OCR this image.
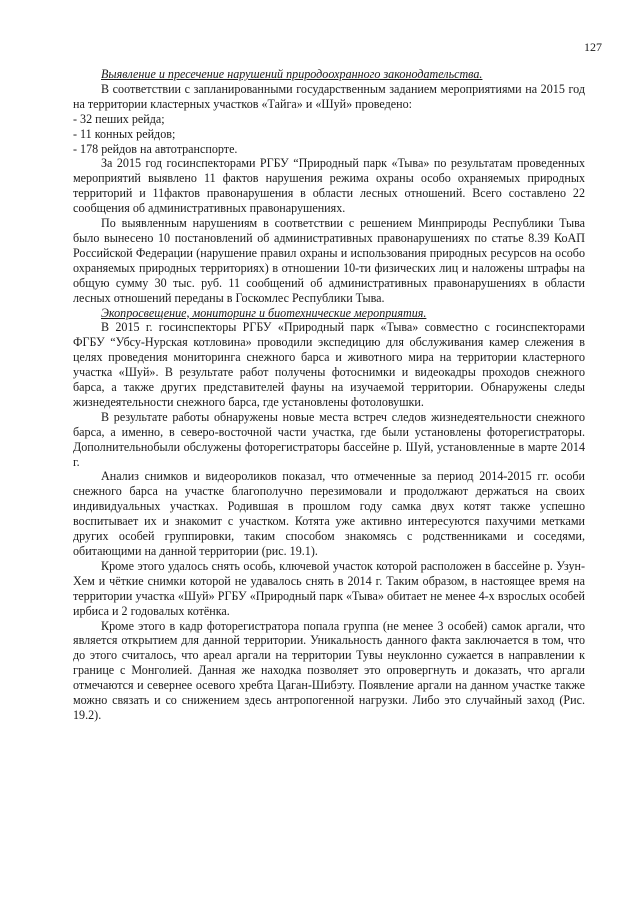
127
Выявление и пресечение нарушений природоохранного законодательства.

В соответствии с запланированными государственным заданием мероприятиями на 2015 год на территории кластерных участков «Тайга» и «Шуй» проведено:

- 32 пеших рейда;
- 11 конных рейдов;
- 178 рейдов на автотранспорте.

За 2015 год госинспекторами РГБУ “Природный парк «Тыва» по результатам проведенных мероприятий выявлено 11 фактов нарушения режима охраны особо охраняемых природных территорий и 11фактов правонарушения в области лесных отношений. Всего составлено 22 сообщения об административных правонарушениях.

По выявленным нарушениям в соответствии с решением Минприроды Республики Тыва было вынесено 10 постановлений об административных правонарушениях по статье 8.39 КоАП Российской Федерации (нарушение правил охраны и использования природных ресурсов на особо охраняемых природных территориях) в отношении 10-ти физических лиц и наложены штрафы на общую сумму 30 тыс. руб. 11 сообщений об административных правонарушениях в области лесных отношений переданы в Госкомлес Республики Тыва.

Экопросвещение, мониторинг и биотехнические мероприятия.

В 2015 г. госинспекторы РГБУ «Природный парк «Тыва» совместно с госинспекторами ФГБУ “Убсу-Нурская котловина» проводили экспедицию для обслуживания камер слежения в целях проведения мониторинга снежного барса и животного мира на территории кластерного участка «Шуй». В результате работ получены фотоснимки и видеокадры проходов снежного барса, а также других представителей фауны на изучаемой территории. Обнаружены следы жизнедеятельности снежного барса, где установлены фотоловушки.

В результате работы обнаружены новые места встреч следов жизнедеятельности снежного барса, а именно, в северо-восточной части участка, где были установлены фоторегистраторы. Дополнительнобыли обслужены фоторегистраторы бассейне р. Шуй, установленные в марте 2014 г.

Анализ снимков и видеороликов показал, что отмеченные за период 2014-2015 гг. особи снежного барса на участке благополучно перезимовали и продолжают держаться на своих индивидуальных участках. Родившая в прошлом году самка двух котят также успешно воспитывает их и знакомит с участком. Котята уже активно интересуются пахучими метками других особей группировки, таким способом знакомясь с родственниками и соседями, обитающими на данной территории (рис. 19.1).

Кроме этого удалось снять особь, ключевой участок которой расположен в бассейне р. Узун-Хем и чёткие снимки которой не удавалось снять в 2014 г. Таким образом, в настоящее время на территории участка «Шуй» РГБУ «Природный парк «Тыва» обитает не менее 4-х взрослых особей ирбиса и 2 годовалых котёнка.

Кроме этого в кадр фоторегистратора попала группа (не менее 3 особей) самок аргали, что является открытием для данной территории. Уникальность данного факта заключается в том, что до этого считалось, что ареал аргали на территории Тувы неуклонно сужается в направлении к границе с Монголией. Данная же находка позволяет это опровергнуть и доказать, что аргали отмечаются и севернее осевого хребта Цаган-Шибэту. Появление аргали на данном участке также можно связать и со снижением здесь антропогенной нагрузки. Либо это случайный заход (Рис. 19.2).
